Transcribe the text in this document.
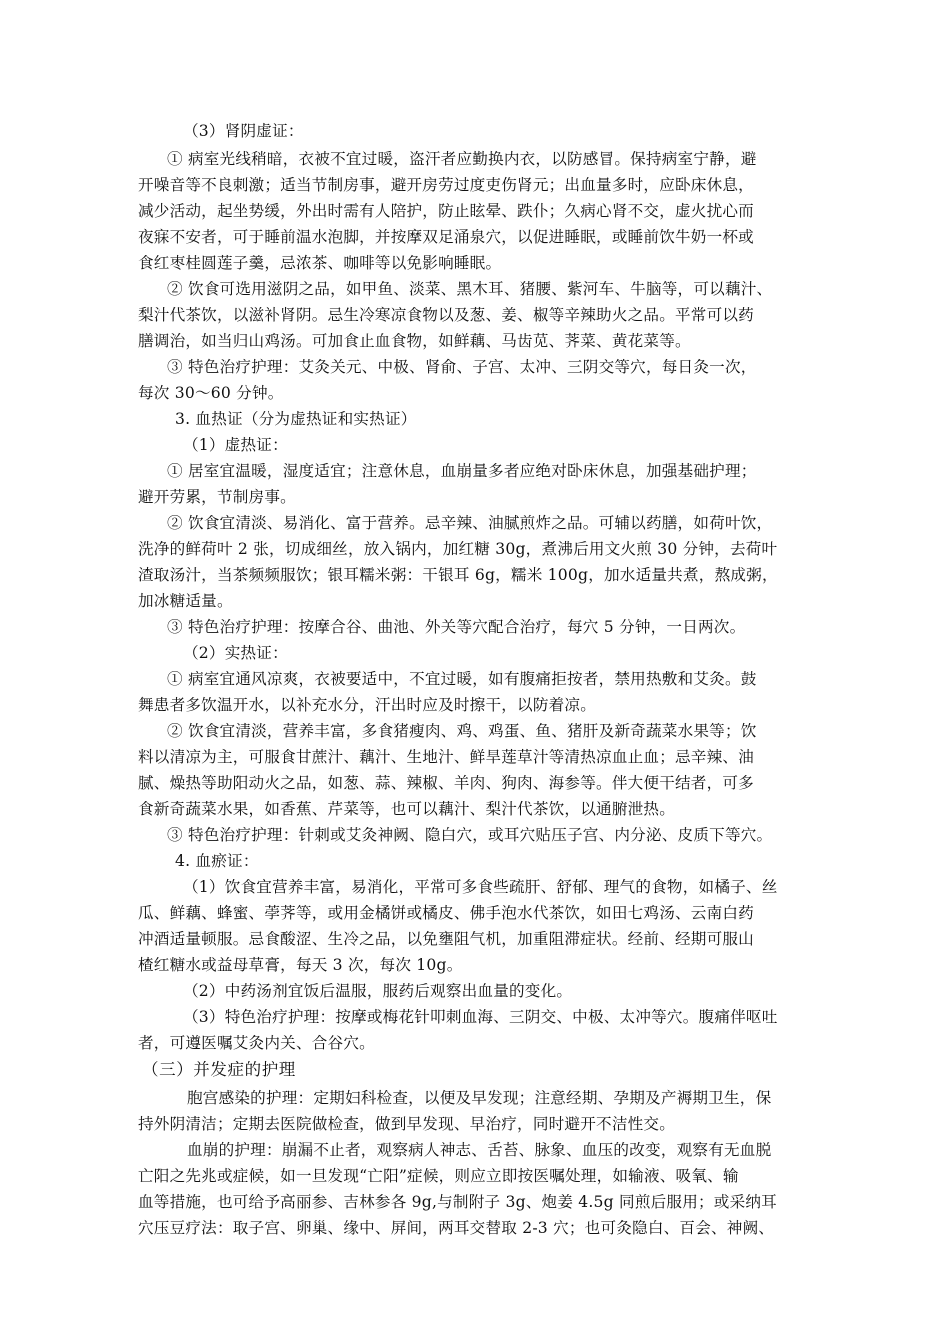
（3）肾阴虚证：

① 病室光线稍暗，衣被不宜过暖，盗汗者应勤换内衣，以防感冒。保持病室宁静，避

开噪音等不良刺激；适当节制房事，避开房劳过度吏伤肾元；出血量多时，应卧床休息，

减少活动，起坐势缓，外出时需有人陪护，防止眩晕、跌仆；久病心肾不交，虚火扰心而

夜寐不安者，可于睡前温水泡脚，并按摩双足涌泉穴，以促进睡眠，或睡前饮牛奶一杯或

食红枣桂圆莲子羹，忌浓茶、咖啡等以免影响睡眠。

② 饮食可选用滋阴之品，如甲鱼、淡菜、黑木耳、猪腰、紫河车、牛脑等，可以藕汁、

梨汁代茶饮，以滋补肾阴。忌生冷寒凉食物以及葱、姜、椒等辛辣助火之品。平常可以药

膳调治，如当归山鸡汤。可加食止血食物，如鲜藕、马齿苋、荠菜、黄花菜等。

③ 特色治疗护理：艾灸关元、中极、肾俞、子宫、太冲、三阴交等穴，每日灸一次，

每次 30～60 分钟。

3. 血热证（分为虚热证和实热证）

（1）虚热证：

① 居室宜温暖，湿度适宜；注意休息，血崩量多者应绝对卧床休息，加强基础护理；

避开劳累，节制房事。

② 饮食宜清淡、易消化、富于营养。忌辛辣、油腻煎炸之品。可辅以药膳，如荷叶饮，

洗净的鲜荷叶 2 张，切成细丝，放入锅内，加红糖 30g，煮沸后用文火煎 30 分钟，去荷叶

渣取汤汁，当茶频频服饮；银耳糯米粥：干银耳 6g，糯米 100g，加水适量共煮，熬成粥，

加冰糖适量。

③ 特色治疗护理：按摩合谷、曲池、外关等穴配合治疗，每穴 5 分钟，一日两次。

（2）实热证：

① 病室宜通风凉爽，衣被要适中，不宜过暖，如有腹痛拒按者，禁用热敷和艾灸。鼓

舞患者多饮温开水，以补充水分，汗出时应及时擦干，以防着凉。

② 饮食宜清淡，营养丰富，多食猪瘦肉、鸡、鸡蛋、鱼、猪肝及新奇蔬菜水果等；饮

料以清凉为主，可服食甘蔗汁、藕汁、生地汁、鲜旱莲草汁等清热凉血止血；忌辛辣、油

腻、燥热等助阳动火之品，如葱、蒜、辣椒、羊肉、狗肉、海参等。伴大便干结者，可多

食新奇蔬菜水果，如香蕉、芹菜等，也可以藕汁、梨汁代茶饮，以通腑泄热。

③ 特色治疗护理：针刺或艾灸神阙、隐白穴，或耳穴贴压子宫、内分泌、皮质下等穴。

4. 血瘀证：

（1）饮食宜营养丰富，易消化，平常可多食些疏肝、舒郁、理气的食物，如橘子、丝

瓜、鲜藕、蜂蜜、荸荠等，或用金橘饼或橘皮、佛手泡水代茶饮，如田七鸡汤、云南白药

冲酒适量顿服。忌食酸涩、生冷之品，以免壅阻气机，加重阻滞症状。经前、经期可服山

楂红糖水或益母草膏，每天 3 次，每次 10g。

（2）中药汤剂宜饭后温服，服药后观察出血量的变化。

（3）特色治疗护理：按摩或梅花针叩刺血海、三阴交、中极、太冲等穴。腹痛伴呕吐

者，可遵医嘱艾灸内关、合谷穴。

（三）并发症的护理

胞宫感染的护理：定期妇科检查，以便及早发现；注意经期、孕期及产褥期卫生，保

持外阴清洁；定期去医院做检查，做到早发现、早治疗，同时避开不洁性交。

血崩的护理：崩漏不止者，观察病人神志、舌苔、脉象、血压的改变，观察有无血脱

亡阳之先兆或症候，如一旦发现“亡阳”症候，则应立即按医嘱处理，如输液、吸氧、输

血等措施，也可给予高丽参、吉林参各 9g,与制附子 3g、炮姜 4.5g 同煎后服用；或采纳耳

穴压豆疗法：取子宫、卵巢、缘中、屏间，两耳交替取 2-3 穴；也可灸隐白、百会、神阙、
